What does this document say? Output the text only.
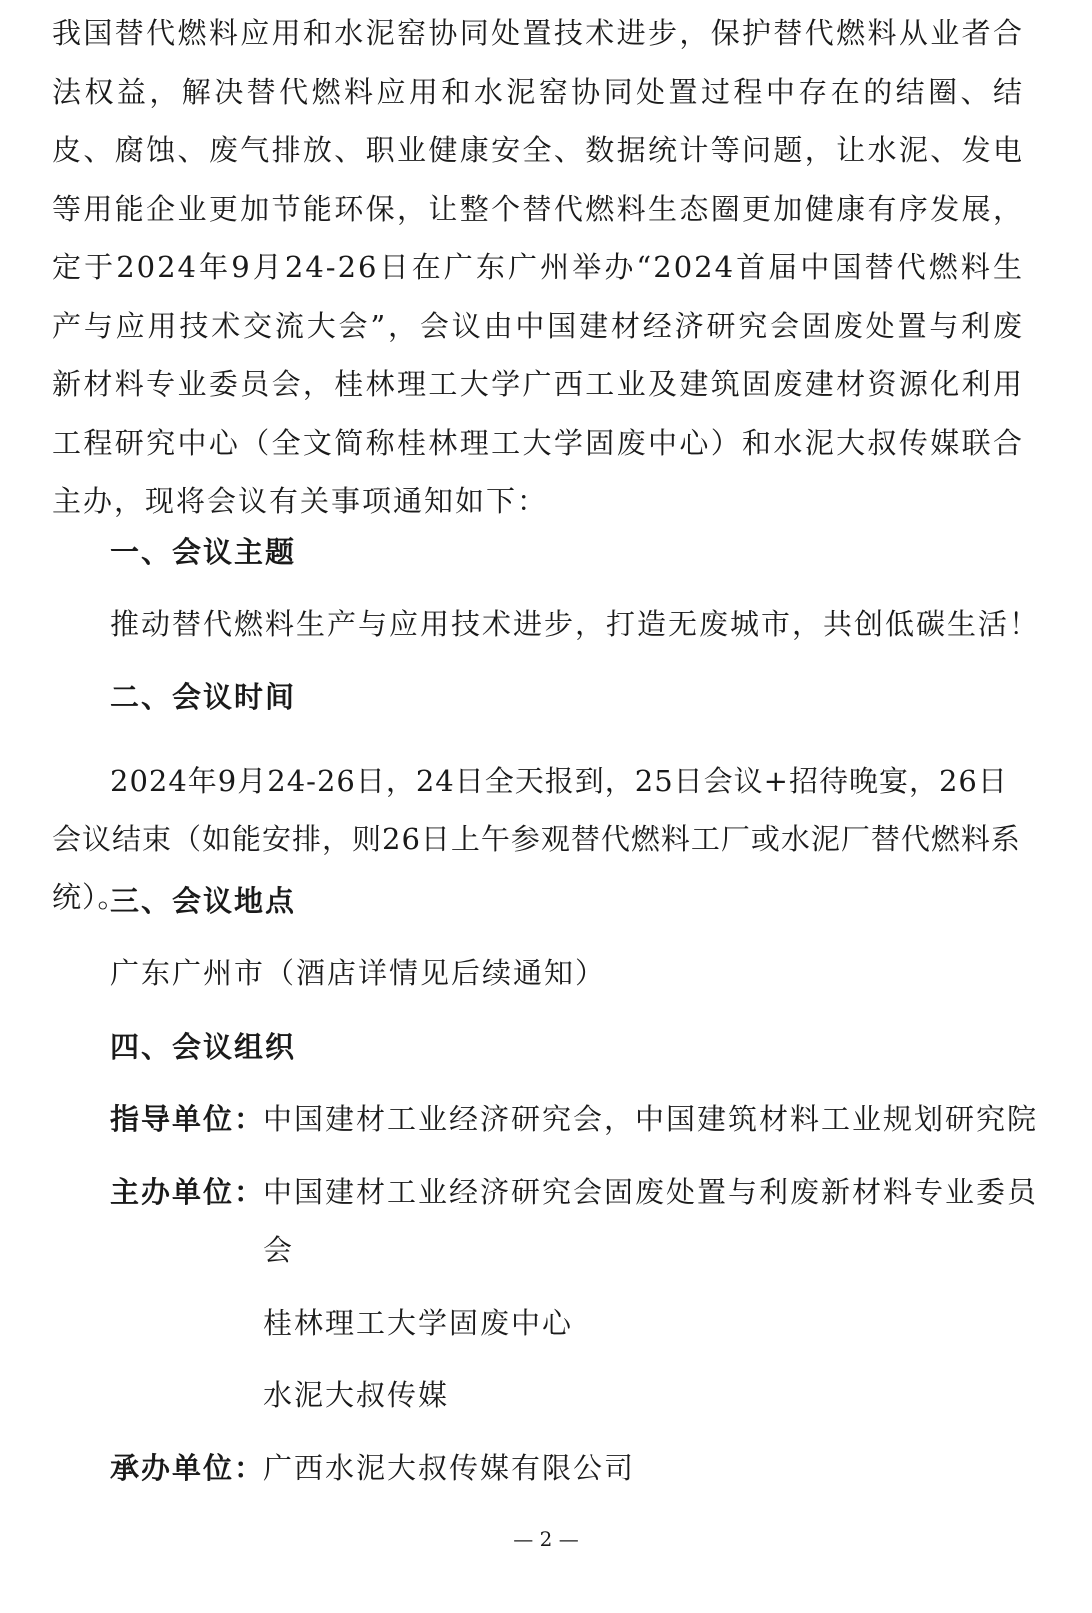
我国替代燃料应用和水泥窑协同处置技术进步，保护替代燃料从业者合法权益，解决替代燃料应用和水泥窑协同处置过程中存在的结圈、结皮、腐蚀、废气排放、职业健康安全、数据统计等问题，让水泥、发电等用能企业更加节能环保，让整个替代燃料生态圈更加健康有序发展，定于2024年9月24-26日在广东广州举办“2024首届中国替代燃料生产与应用技术交流大会”，会议由中国建材经济研究会固废处置与利废新材料专业委员会，桂林理工大学广西工业及建筑固废建材资源化利用工程研究中心（全文简称桂林理工大学固废中心）和水泥大叔传媒联合主办，现将会议有关事项通知如下：

一、会议主题

推动替代燃料生产与应用技术进步，打造无废城市，共创低碳生活！

二、会议时间

2024年9月24-26日，24日全天报到，25日会议+招待晚宴，26日会议结束（如能安排，则26日上午参观替代燃料工厂或水泥厂替代燃料系统）。

三、会议地点

广东广州市（酒店详情见后续通知）

四、会议组织

指导单位：
中国建材工业经济研究会，中国建筑材料工业规划研究院
主办单位：
中国建材工业经济研究会固废处置与利废新材料专业委员
会
桂林理工大学固废中心
水泥大叔传媒
承办单位：
广西水泥大叔传媒有限公司
— 2 —
